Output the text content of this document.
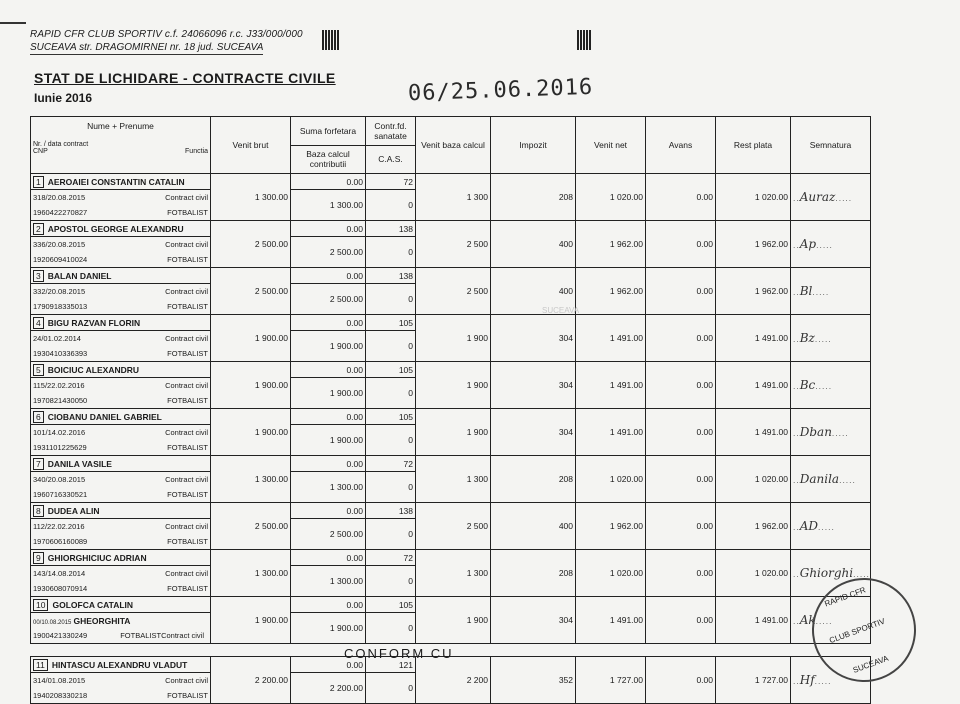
RAPID CFR CLUB SPORTIV c.f. 24066096 r.c. J33/000/000
SUCEAVA str. DRAGOMIRNEI nr. 18 jud. SUCEAVA
STAT DE LICHIDARE - CONTRACTE CIVILE
Iunie 2016	06/25.06.2016
Nume + Prenume
Nr. / data contract
CNP Functia	Venit brut	Suma forfetara	Contr.fd. sanatate	Venit baza calcul	Impozit	Venit net	Avans	Rest plata	Semnatura
		Baza calcul contributii	C.A.S.						
1 AEROAIEI CONSTANTIN CATALIN	1 300.00	0.00	72	1 300	208	1 020.00	0.00	1 020.00	..Auraz.....
318/20.08.2015 Contract civil		1 300.00	0						
1960422270827 FOTBALIST									

2 APOSTOL GEORGE ALEXANDRU	2 500.00	0.00	138	2 500	400	1 962.00	0.00	1 962.00	..Ap.....
336/20.08.2015 Contract civil		2 500.00	0						
1920609410024 FOTBALIST									

3 BALAN DANIEL	2 500.00	0.00	138	2 500	400	1 962.00	0.00	1 962.00	..Bl.....
332/20.08.2015 Contract civil		2 500.00	0						
1790918335013 FOTBALIST									

4 BIGU RAZVAN FLORIN	1 900.00	0.00	105	1 900	304	1 491.00	0.00	1 491.00	..Bz.....
24/01.02.2014 Contract civil		1 900.00	0						
1930410336393 FOTBALIST									

5 BOICIUC ALEXANDRU	1 900.00	0.00	105	1 900	304	1 491.00	0.00	1 491.00	..Bc.....
115/22.02.2016 Contract civil		1 900.00	0						
1970821430050 FOTBALIST									

6 CIOBANU DANIEL GABRIEL	1 900.00	0.00	105	1 900	304	1 491.00	0.00	1 491.00	..Dban.....
101/14.02.2016 Contract civil		1 900.00	0						
1931101225629 FOTBALIST									

7 DANILA VASILE	1 300.00	0.00	72	1 300	208	1 020.00	0.00	1 020.00	..Danila.....
340/20.08.2015 Contract civil		1 300.00	0						
1960716330521 FOTBALIST									

8 DUDEA ALIN	2 500.00	0.00	138	2 500	400	1 962.00	0.00	1 962.00	..AD.....
112/22.02.2016 Contract civil		2 500.00	0						
1970606160089 FOTBALIST									

9 GHIORGHICIUC ADRIAN	1 300.00	0.00	72	1 300	208	1 020.00	0.00	1 020.00	..Ghiorghi.....
143/14.08.2014 Contract civil		1 300.00	0						
1930608070914 FOTBALIST									

10 GOLOFCA CATALIN	1 900.00	0.00	105	1 900	304	1 491.00	0.00	1 491.00	..Ak.....
00/10.08.2015 GHEORGHITA		1 900.00	0						
1900421330249 Contract civil
FOTBALIST									

11 HINTASCU ALEXANDRU VLADUT	2 200.00	0.00	121	2 200	352	1 727.00	0.00	1 727.00	..Hf.....
314/01.08.2015 Contract civil		2 200.00	0						
1940208330218 FOTBALIST									
SUCEAVA
CONFORM CU
RAPID CFR
CLUB SPORTIV
SUCEAVA
